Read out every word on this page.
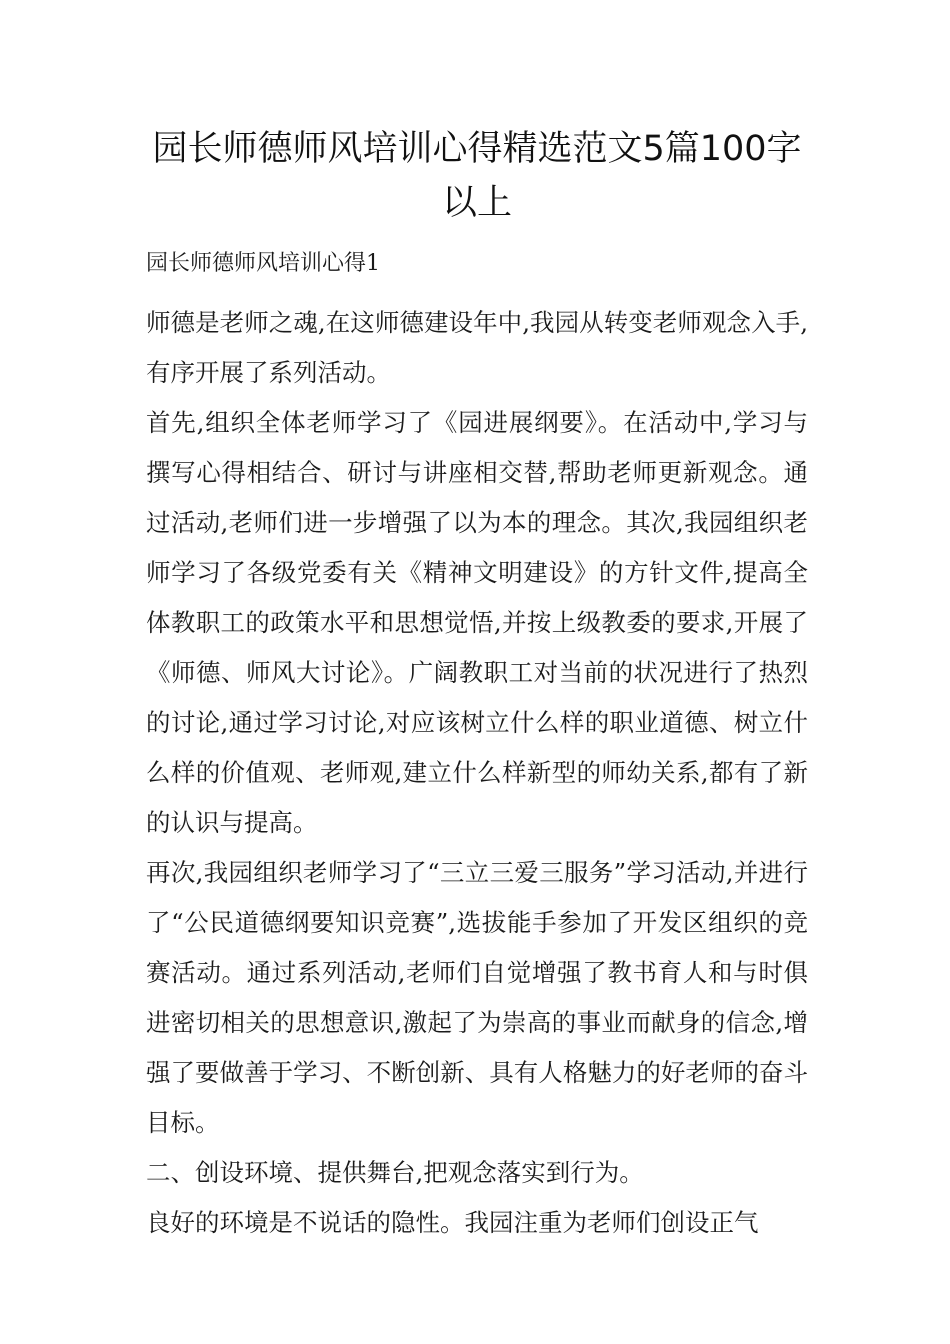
园长师德师风培训心得精选范文5篇100字以上
园长师德师风培训心得1

师德是老师之魂,在这师德建设年中,我园从转变老师观念入手,有序开展了系列活动。

首先,组织全体老师学习了《园进展纲要》。在活动中,学习与撰写心得相结合、研讨与讲座相交替,帮助老师更新观念。通过活动,老师们进一步增强了以为本的理念。其次,我园组织老师学习了各级党委有关《精神文明建设》的方针文件,提高全体教职工的政策水平和思想觉悟,并按上级教委的要求,开展了《师德、师风大讨论》。广阔教职工对当前的状况进行了热烈的讨论,通过学习讨论,对应该树立什么样的职业道德、树立什么样的价值观、老师观,建立什么样新型的师幼关系,都有了新的认识与提高。

再次,我园组织老师学习了“三立三爱三服务”学习活动,并进行了“公民道德纲要知识竞赛”,选拔能手参加了开发区组织的竞赛活动。通过系列活动,老师们自觉增强了教书育人和与时俱进密切相关的思想意识,激起了为崇高的事业而献身的信念,增强了要做善于学习、不断创新、具有人格魅力的好老师的奋斗目标。

二、创设环境、提供舞台,把观念落实到行为。

良好的环境是不说话的隐性。我园注重为老师们创设正气
